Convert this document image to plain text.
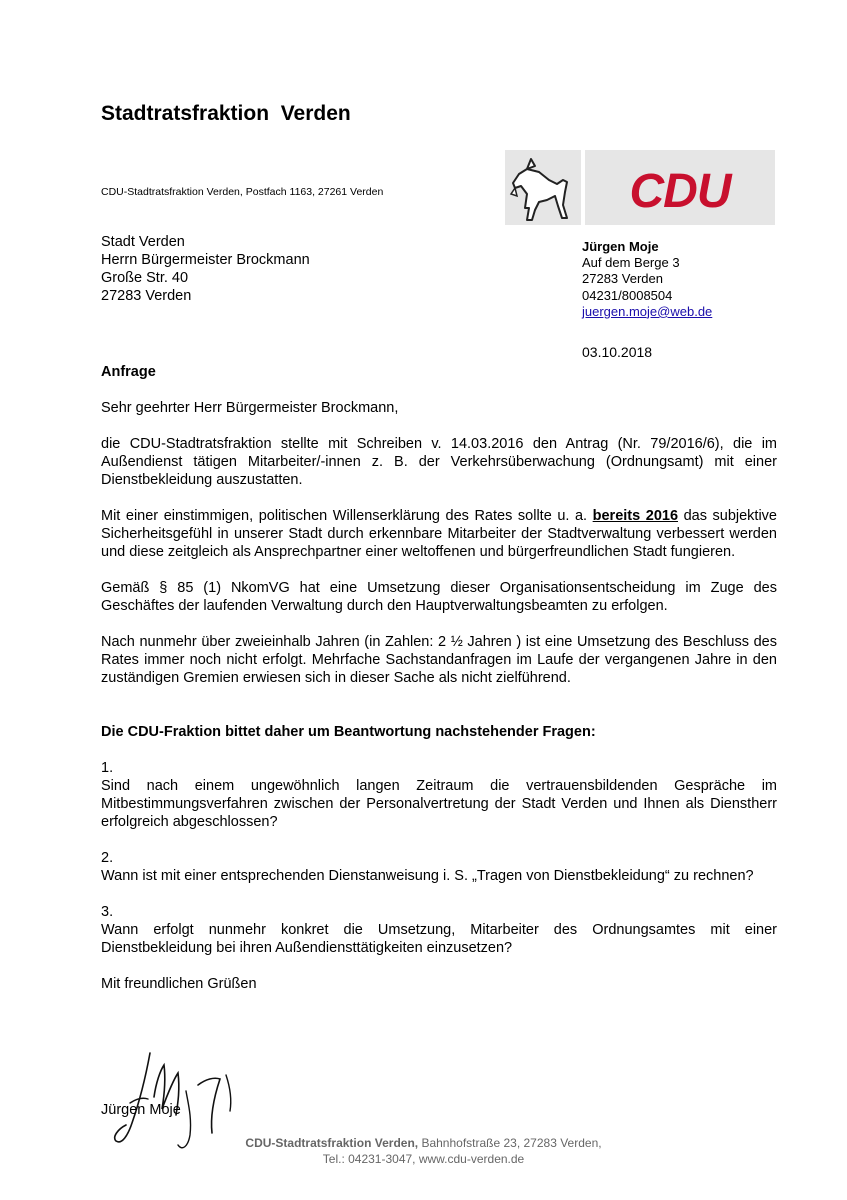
Stadtratsfraktion  Verden
CDU-Stadtratsfraktion Verden, Postfach 1163, 27261 Verden	CDU
Stadt Verden
Herrn Bürgermeister Brockmann
Große Str. 40
27283 Verden
Jürgen Moje
Auf dem Berge 3
27283 Verden
04231/8008504
juergen.moje@web.de
03.10.2018

Anfrage

Sehr geehrter Herr Bürgermeister Brockmann,

die CDU-Stadtratsfraktion stellte mit Schreiben v. 14.03.2016 den Antrag (Nr. 79/2016/6), die im Außendienst tätigen Mitarbeiter/-innen z. B. der Verkehrsüberwachung (Ordnungsamt) mit einer Dienstbekleidung auszustatten.

Mit einer einstimmigen, politischen Willenserklärung des Rates sollte u. a. bereits 2016 das subjektive Sicherheitsgefühl in unserer Stadt durch erkennbare Mitarbeiter der Stadtverwaltung verbessert werden und diese zeitgleich als Ansprechpartner einer weltoffenen und bürgerfreundlichen Stadt fungieren.

Gemäß § 85 (1) NkomVG hat eine Umsetzung dieser Organisationsentscheidung im Zuge des Geschäftes der laufenden Verwaltung durch den Hauptverwaltungsbeamten zu erfolgen.

Nach nunmehr über zweieinhalb Jahren (in Zahlen: 2 ½ Jahren ) ist eine Umsetzung des Beschluss des Rates immer noch nicht erfolgt. Mehrfache Sachstandanfragen im Laufe der vergangenen Jahre in den zuständigen Gremien erwiesen sich in dieser Sache als nicht zielführend.

Die CDU-Fraktion bittet daher um Beantwortung nachstehender Fragen:

1.

Sind nach einem ungewöhnlich langen Zeitraum die vertrauensbildenden Gespräche im Mitbestimmungsverfahren zwischen der Personalvertretung der Stadt Verden und Ihnen als Dienstherr erfolgreich abgeschlossen?

2.

Wann ist mit einer entsprechenden Dienstanweisung i. S. „Tragen von Dienstbekleidung“ zu rechnen?

3.

Wann erfolgt nunmehr konkret die Umsetzung, Mitarbeiter des Ordnungsamtes mit einer Dienstbekleidung bei ihren Außendiensttätigkeiten einzusetzen?

Mit freundlichen Grüßen

Jürgen Moje
CDU-Stadtratsfraktion Verden, Bahnhofstraße 23, 27283 Verden,
Tel.: 04231-3047, www.cdu-verden.de
